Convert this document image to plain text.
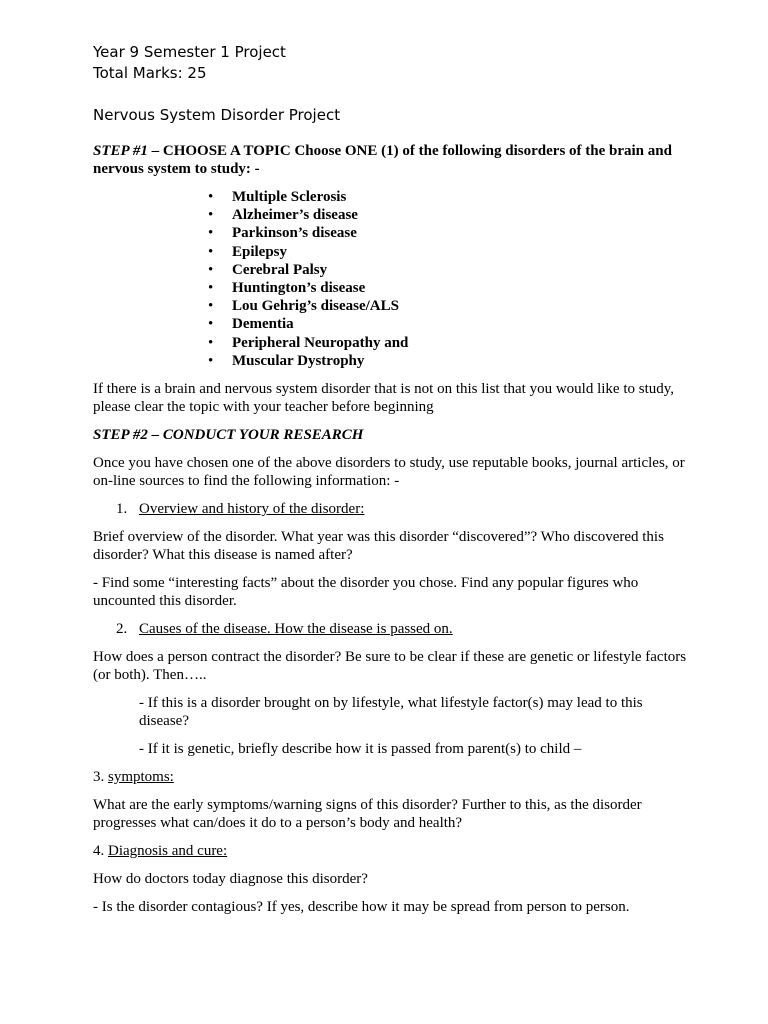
Year 9 Semester 1 Project
Total Marks: 25
Nervous System Disorder Project

STEP #1 – CHOOSE A TOPIC Choose ONE (1) of the following disorders of the brain and nervous system to study: -

• Multiple Sclerosis
• Alzheimer’s disease
• Parkinson’s disease
• Epilepsy
• Cerebral Palsy
• Huntington’s disease
• Lou Gehrig’s disease/ALS
• Dementia
• Peripheral Neuropathy and
• Muscular Dystrophy

If there is a brain and nervous system disorder that is not on this list that you would like to study, please clear the topic with your teacher before beginning

STEP #2 – CONDUCT YOUR RESEARCH

Once you have chosen one of the above disorders to study, use reputable books, journal articles, or on-line sources to find the following information: -

1. Overview and history of the disorder:

Brief overview of the disorder. What year was this disorder “discovered”? Who discovered this disorder? What this disease is named after?

- Find some “interesting facts” about the disorder you chose. Find any popular figures who uncounted this disorder.

2. Causes of the disease. How the disease is passed on.

How does a person contract the disorder? Be sure to be clear if these are genetic or lifestyle factors (or both). Then…..

- If this is a disorder brought on by lifestyle, what lifestyle factor(s) may lead to this disease?

- If it is genetic, briefly describe how it is passed from parent(s) to child –

3. symptoms:

What are the early symptoms/warning signs of this disorder? Further to this, as the disorder progresses what can/does it do to a person’s body and health?

4. Diagnosis and cure:

How do doctors today diagnose this disorder?

- Is the disorder contagious? If yes, describe how it may be spread from person to person.
